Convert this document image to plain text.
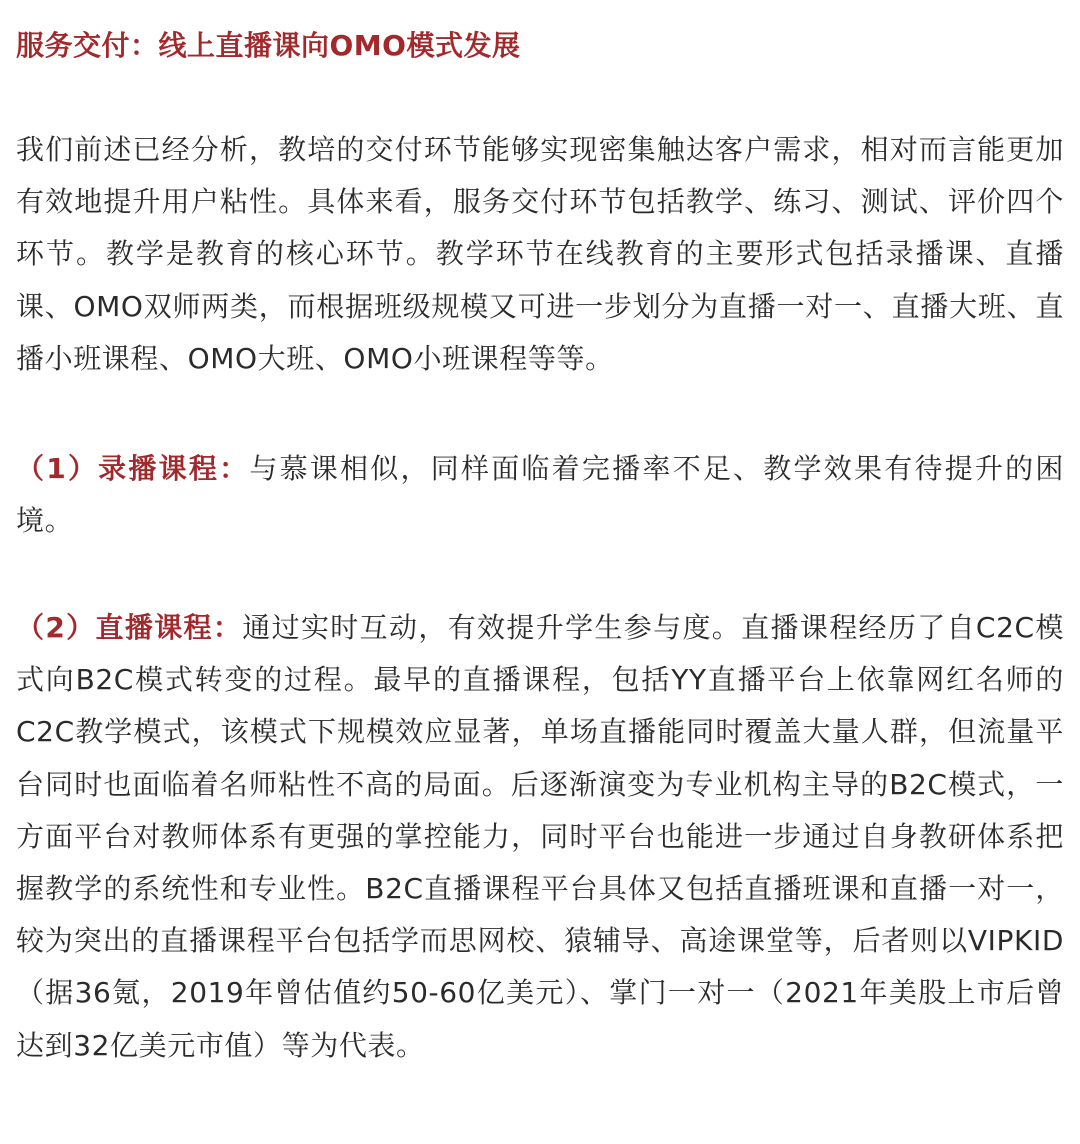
服务交付：线上直播课向OMO模式发展

我们前述已经分析，教培的交付环节能够实现密集触达客户需求，相对而言能更加有效地提升用户粘性。具体来看，服务交付环节包括教学、练习、测试、评价四个环节。教学是教育的核心环节。教学环节在线教育的主要形式包括录播课、直播课、OMO双师两类，而根据班级规模又可进一步划分为直播一对一、直播大班、直播小班课程、OMO大班、OMO小班课程等等。

（1）录播课程：与慕课相似，同样面临着完播率不足、教学效果有待提升的困境。

（2）直播课程：通过实时互动，有效提升学生参与度。直播课程经历了自C2C模式向B2C模式转变的过程。最早的直播课程，包括YY直播平台上依靠网红名师的C2C教学模式，该模式下规模效应显著，单场直播能同时覆盖大量人群，但流量平台同时也面临着名师粘性不高的局面。后逐渐演变为专业机构主导的B2C模式，一方面平台对教师体系有更强的掌控能力，同时平台也能进一步通过自身教研体系把握教学的系统性和专业性。B2C直播课程平台具体又包括直播班课和直播一对一，较为突出的直播课程平台包括学而思网校、猿辅导、高途课堂等，后者则以VIPKID（据36氪，2019年曾估值约50-60亿美元）、掌门一对一（2021年美股上市后曾达到32亿美元市值）等为代表。
